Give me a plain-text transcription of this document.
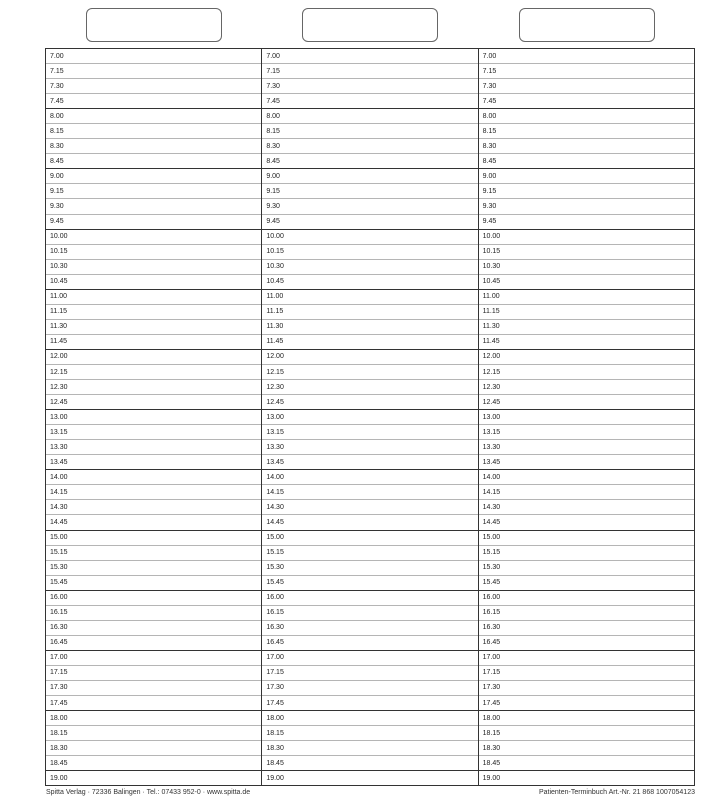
7.00
7.15
7.30
7.45
8.00
8.15
8.30
8.45
9.00
9.15
9.30
9.45
10.00
10.15
10.30
10.45
11.00
11.15
11.30
11.45
12.00
12.15
12.30
12.45
13.00
13.15
13.30
13.45
14.00
14.15
14.30
14.45
15.00
15.15
15.30
15.45
16.00
16.15
16.30
16.45
17.00
17.15
17.30
17.45
18.00
18.15
18.30
18.45
19.00
7.00
7.15
7.30
7.45
8.00
8.15
8.30
8.45
9.00
9.15
9.30
9.45
10.00
10.15
10.30
10.45
11.00
11.15
11.30
11.45
12.00
12.15
12.30
12.45
13.00
13.15
13.30
13.45
14.00
14.15
14.30
14.45
15.00
15.15
15.30
15.45
16.00
16.15
16.30
16.45
17.00
17.15
17.30
17.45
18.00
18.15
18.30
18.45
19.00
7.00
7.15
7.30
7.45
8.00
8.15
8.30
8.45
9.00
9.15
9.30
9.45
10.00
10.15
10.30
10.45
11.00
11.15
11.30
11.45
12.00
12.15
12.30
12.45
13.00
13.15
13.30
13.45
14.00
14.15
14.30
14.45
15.00
15.15
15.30
15.45
16.00
16.15
16.30
16.45
17.00
17.15
17.30
17.45
18.00
18.15
18.30
18.45
19.00
Spitta Verlag · 72336 Balingen · Tel.: 07433 952-0 · www.spitta.de	Patienten-Terminbuch Art.-Nr. 21 868 1007054123
